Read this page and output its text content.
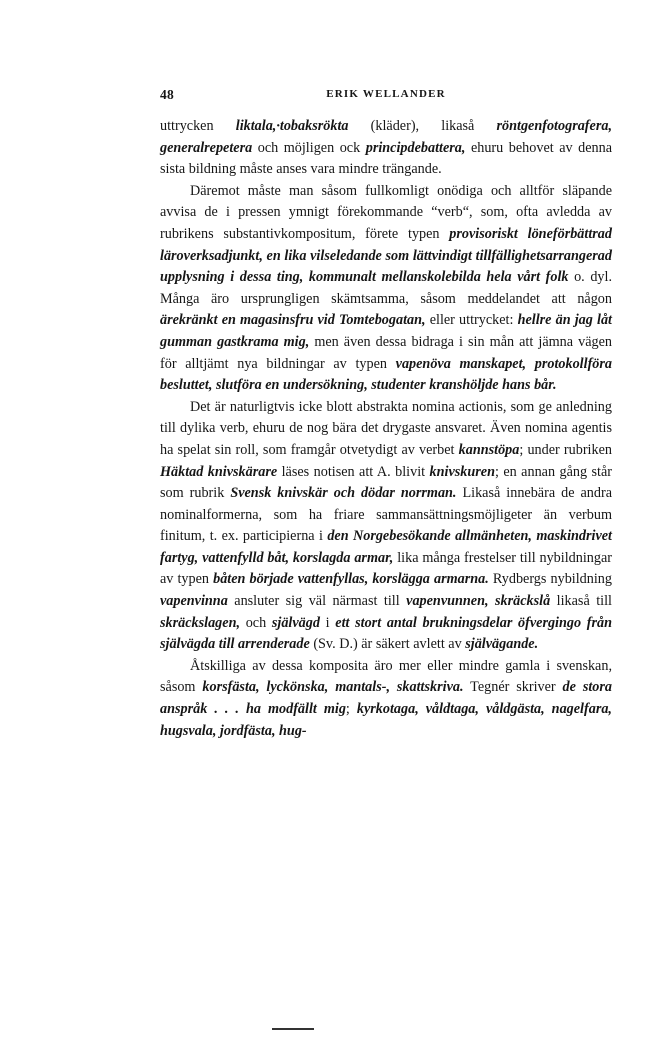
48	ERIK WELLANDER

uttrycken liktala,·tobaksrökta (kläder), likaså röntgenfotografera, generalrepetera och möjligen ock principdebattera, ehuru behovet av denna sista bildning måste anses vara mindre trängande.

Däremot måste man såsom fullkomligt onödiga och alltför släpande avvisa de i pressen ymnigt förekommande “verb“, som, ofta avledda av rubrikens substantivkompositum, förete typen provisoriskt löneförbättrad läroverksadjunkt, en lika vilseledande som lättvindigt tillfällighetsarrangerad upplysning i dessa ting, kommunalt mellanskolebilda hela vårt folk o. dyl. Många äro ursprungligen skämtsamma, såsom meddelandet att någon ärekränkt en magasinsfru vid Tomtebogatan, eller uttrycket: hellre än jag låt gumman gastkrama mig, men även dessa bidraga i sin mån att jämna vägen för alltjämt nya bildningar av typen vapenöva manskapet, protokollföra besluttet, slutföra en undersökning, studenter kranshöljde hans bår.

Det är naturligtvis icke blott abstrakta nomina actionis, som ge anledning till dylika verb, ehuru de nog bära det drygaste ansvaret. Även nomina agentis ha spelat sin roll, som framgår otvetydigt av verbet kannstöpa; under rubriken Häktad knivskärare läses notisen att A. blivit knivskuren; en annan gång står som rubrik Svensk knivskär och dödar norrman. Likaså innebära de andra nominalformerna, som ha friare sammansättningsmöjligeter än verbum finitum, t. ex. participierna i den Norgebesökande allmänheten, maskindrivet fartyg, vattenfylld båt, korslagda armar, lika många frestelser till nybildningar av typen båten började vattenfyllas, korslägga armarna. Rydbergs nybildning vapenvinna ansluter sig väl närmast till vapenvunnen, skräckslå likaså till skräckslagen, och självägd i ett stort antal brukningsdelar öfvergingo från självägda till arrenderade (Sv. D.) är säkert avlett av självägande.

Åtskilliga av dessa komposita äro mer eller mindre gamla i svenskan, såsom korsfästa, lyckönska, mantals-, skattskriva. Tegnér skriver de stora anspråk . . . ha modfällt mig; kyrkotaga, våldtaga, våldgästa, nagelfara, hugsvala, jordfästa, hug-
